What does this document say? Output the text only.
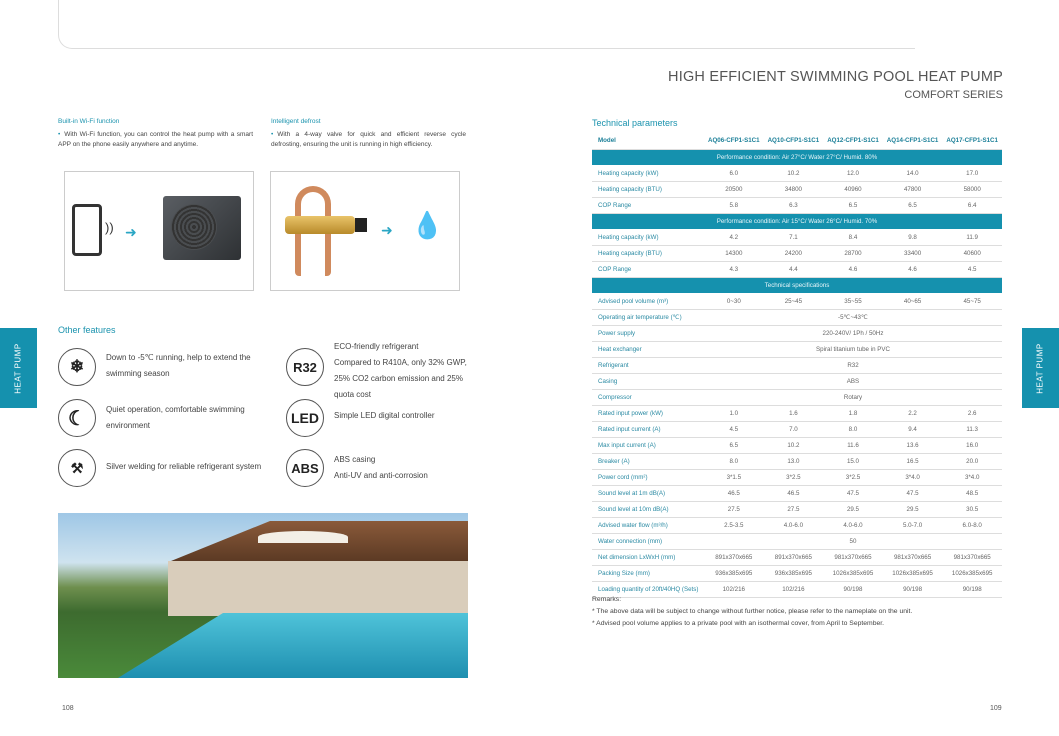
HEAT PUMP	HEAT PUMP
HIGH EFFICIENT SWIMMING POOL HEAT PUMP
COMFORT SERIES
Built-in Wi-Fi function
• With Wi-Fi function, you can control the heat pump with a smart APP on the phone easily anywhere and anytime.
Intelligent defrost
• With a 4-way valve for quick and efficient reverse cycle defrosting, ensuring the unit is running in high efficiency.
)) ➜	➜ 💧
Other features
❄	Down to -5℃ running, help to extend the swimming season
☾	Quiet operation, comfortable swimming environment
⚒	Silver welding for reliable refrigerant system
R32
ECO-friendly refrigerant
Compared to R410A, only 32% GWP, 25% CO2 carbon emission and 25% quota cost
LED	Simple LED digital controller
ABS
ABS casing
Anti-UV and anti-corrosion
Technical parameters
Model	AQ06-CFP1-S1C1	AQ10-CFP1-S1C1	AQ12-CFP1-S1C1	AQ14-CFP1-S1C1	AQ17-CFP1-S1C1
Performance condition: Air 27°C/ Water 27°C/ Humid. 80%					
Heating capacity (kW)	6.0	10.2	12.0	14.0	17.0
Heating capacity (BTU)	20500	34800	40960	47800	58000
COP Range	5.8	6.3	6.5	6.5	6.4
Performance condition: Air 15°C/ Water 26°C/ Humid. 70%					
Heating capacity (kW)	4.2	7.1	8.4	9.8	11.9
Heating capacity (BTU)	14300	24200	28700	33400	40600
COP Range	4.3	4.4	4.6	4.6	4.5
Technical specifications					
Advised pool volume (m³)	0~30	25~45	35~55	40~65	45~75
Operating air temperature (℃)	-5℃~43℃				
Power supply	220-240V/ 1Ph / 50Hz				
Heat exchanger	Spiral titanium tube in PVC				
Refrigerant	R32				
Casing	ABS				
Compressor	Rotary				
Rated input power (kW)	1.0	1.6	1.8	2.2	2.6
Rated input current (A)	4.5	7.0	8.0	9.4	11.3
Max input current (A)	6.5	10.2	11.6	13.6	16.0
Breaker (A)	8.0	13.0	15.0	16.5	20.0
Power cord (mm²)	3*1.5	3*2.5	3*2.5	3*4.0	3*4.0
Sound level at 1m dB(A)	46.5	46.5	47.5	47.5	48.5
Sound level at 10m dB(A)	27.5	27.5	29.5	29.5	30.5
Advised water flow (m³/h)	2.5-3.5	4.0-6.0	4.0-6.0	5.0-7.0	6.0-8.0
Water connection (mm)	50				
Net dimension LxWxH (mm)	891x370x665	891x370x665	981x370x665	981x370x665	981x370x665
Packing Size (mm)	936x385x695	936x385x695	1026x385x695	1026x385x695	1026x385x695
Loading quantity of 20ft/40HQ (Sets)	102/216	102/216	90/198	90/198	90/198
Remarks:
* The above data will be subject to change without further notice, please refer to the nameplate on the unit.
* Advised pool volume applies to a private pool with an isothermal cover, from April to September.
108	109
